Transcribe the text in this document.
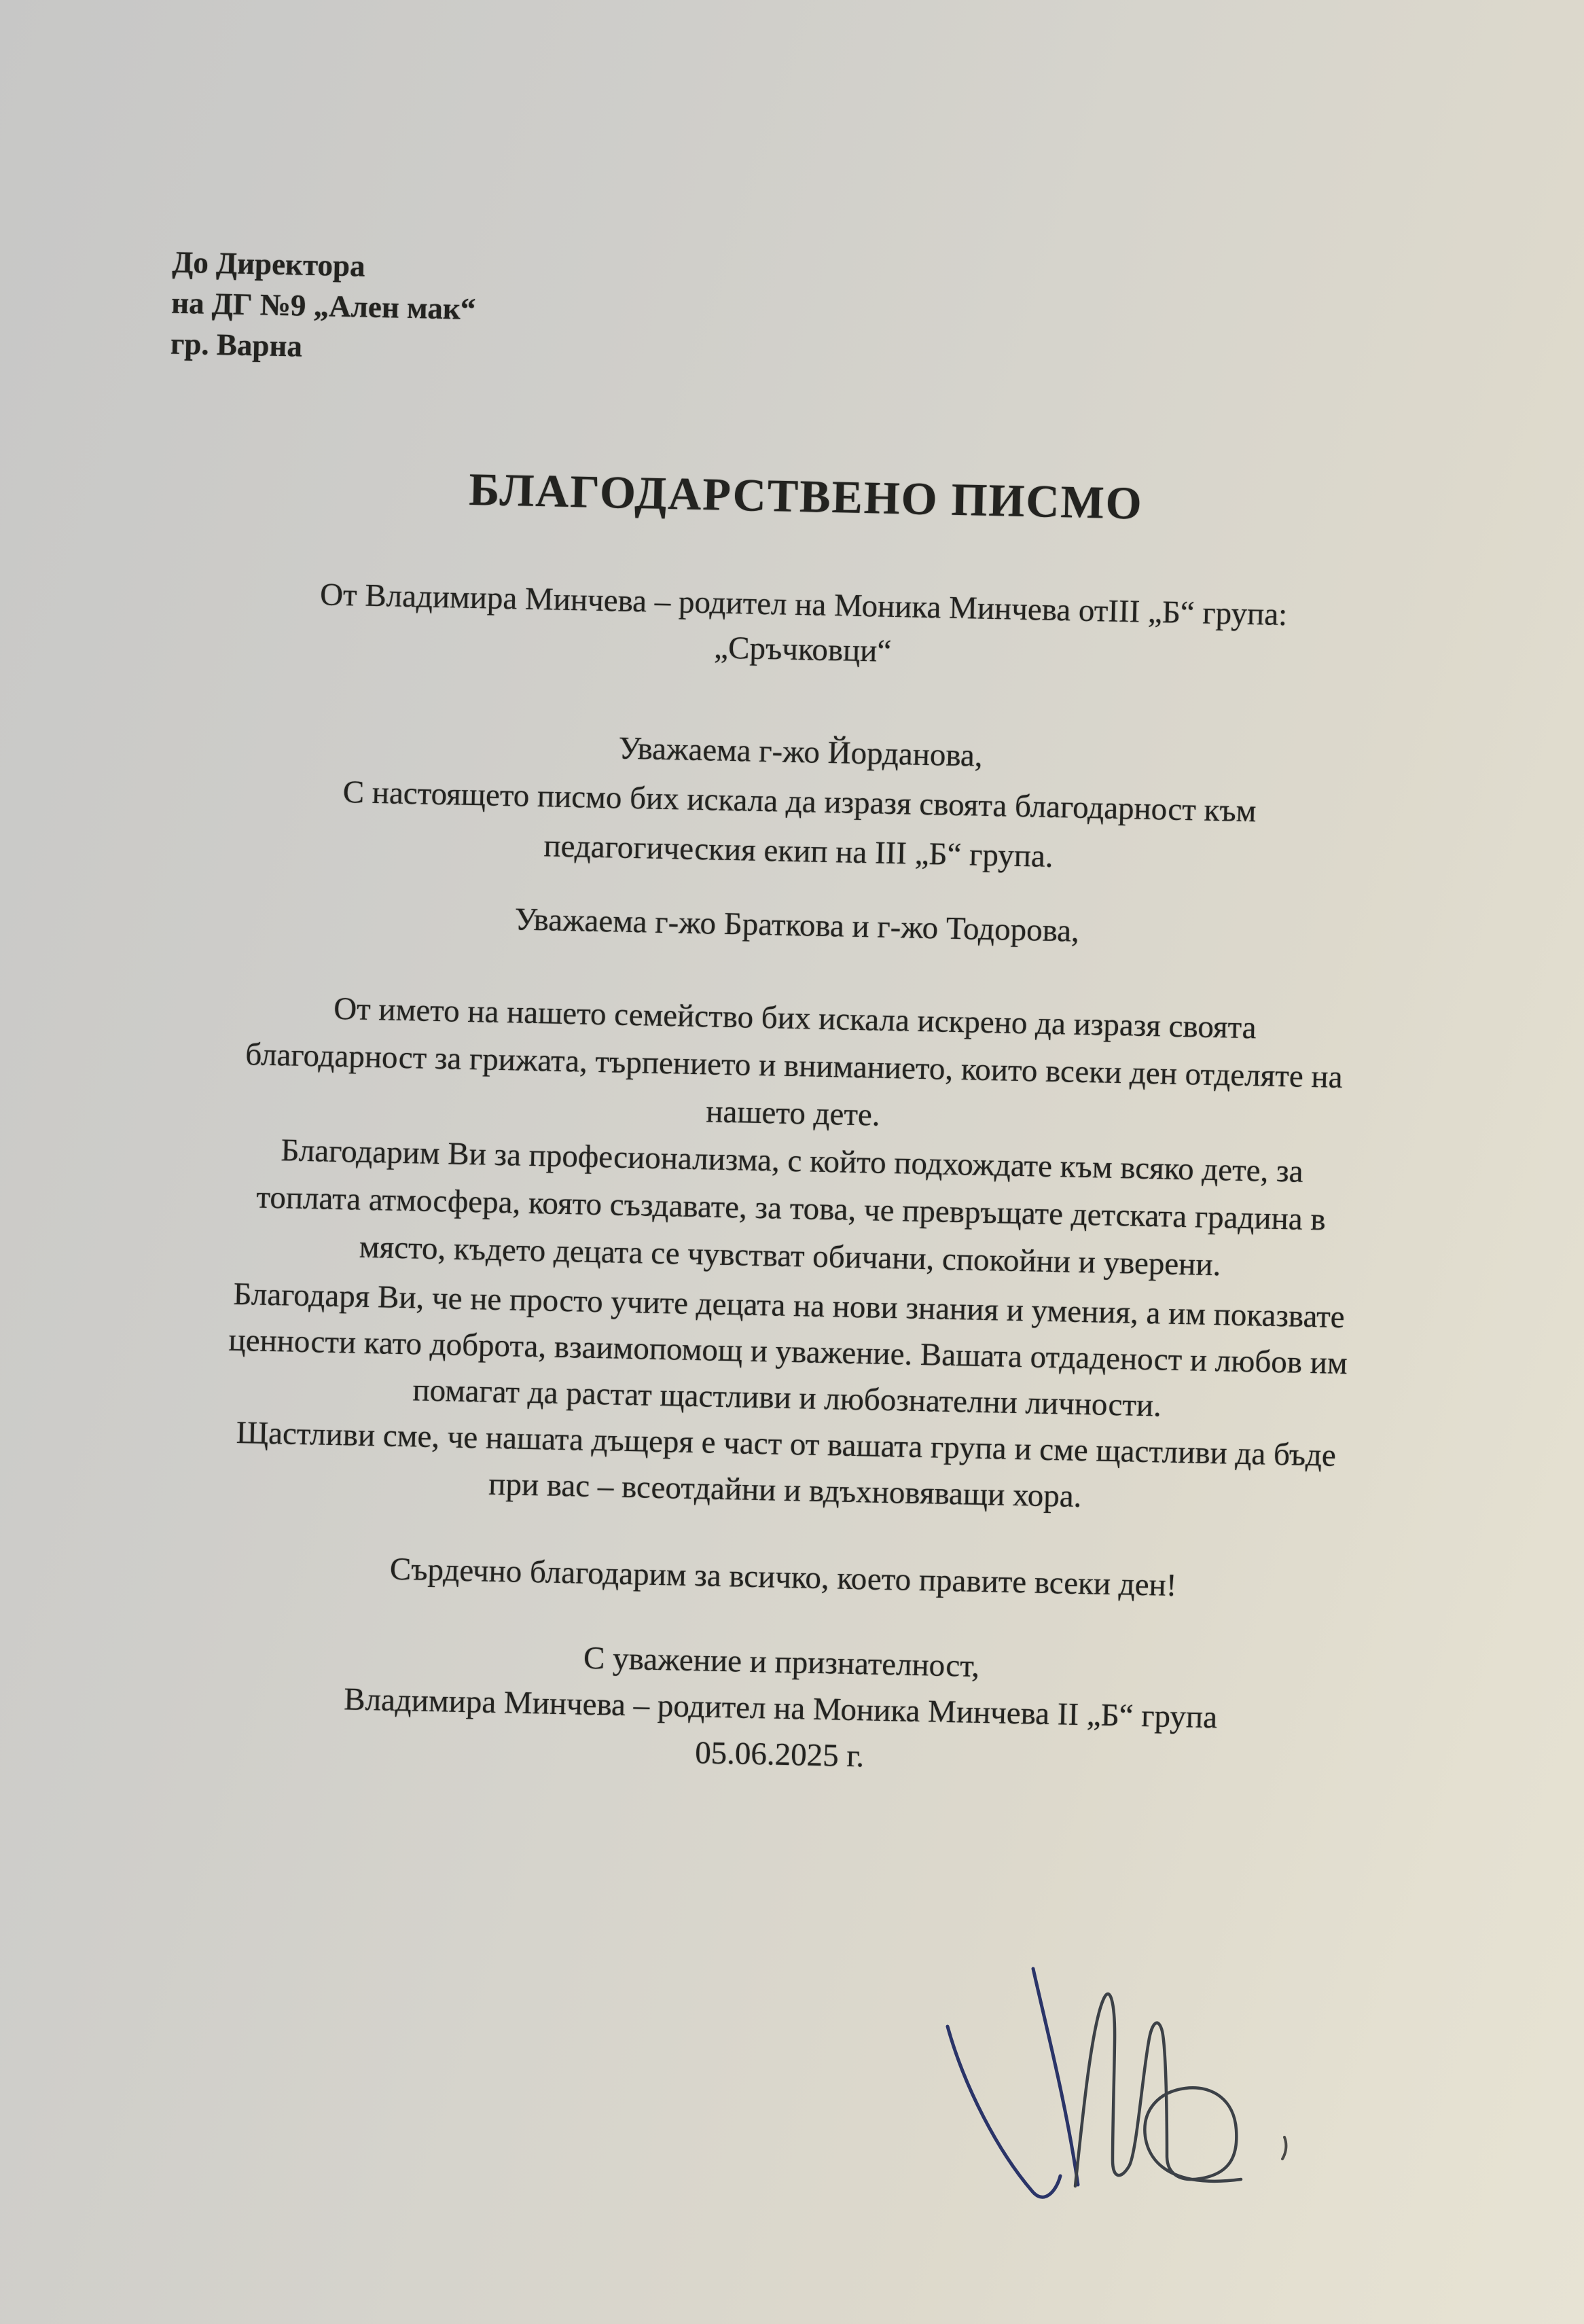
До Директора
на ДГ №9 „Ален мак“
гр. Варна
БЛАГОДАРСТВЕНО ПИСМО
От Владимира Минчева – родител на Моника Минчева отIII „Б“ група:
„Сръчковци“
Уважаема г-жо Йорданова,
С настоящето писмо бих искала да изразя своята благодарност към
педагогическия екип на III „Б“ група.
Уважаема г-жо Браткова и г-жо Тодорова,
От името на нашето семейство бих искала искрено да изразя своята
благодарност за грижата, търпението и вниманието, които всеки ден отделяте на
нашето дете.
Благодарим Ви за професионализма, с който подхождате към всяко дете, за
топлата атмосфера, която създавате, за това, че превръщате детската градина в
място, където децата се чувстват обичани, спокойни и уверени.
Благодаря Ви, че не просто учите децата на нови знания и умения, а им показвате
ценности като доброта, взаимопомощ и уважение. Вашата отдаденост и любов им
помагат да растат щастливи и любознателни личности.
Щастливи сме, че нашата дъщеря е част от вашата група и сме щастливи да бъде
при вас – всеотдайни и вдъхновяващи хора.
Сърдечно благодарим за всичко, което правите всеки ден!
С уважение и признателност,
Владимира Минчева – родител на Моника Минчева II „Б“ група
05.06.2025 г.
